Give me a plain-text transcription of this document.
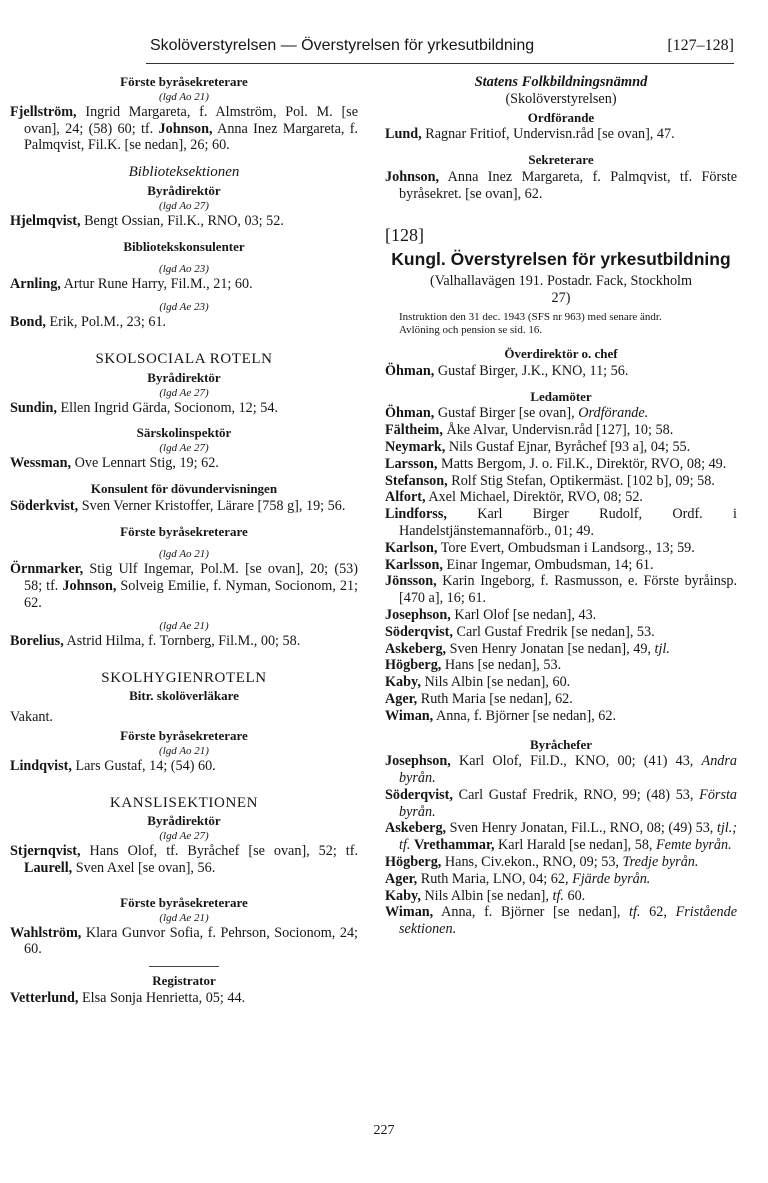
Skolöverstyrelsen — Överstyrelsen för yrkesutbildning	[127–128]
Förste byråsekreterare
(lgd Ao 21)
Fjellström, Ingrid Margareta, f. Almström, Pol. M. [se ovan], 24; (58) 60; tf. Johnson, Anna Inez Margareta, f. Palmqvist, Fil.K. [se nedan], 26; 60.
Biblioteksektionen
Byrådirektör
(lgd Ao 27)
Hjelmqvist, Bengt Ossian, Fil.K., RNO, 03; 52.
Bibliotekskonsulenter
(lgd Ao 23)
Arnling, Artur Rune Harry, Fil.M., 21; 60.
(lgd Ae 23)
Bond, Erik, Pol.M., 23; 61.
SKOLSOCIALA ROTELN
Byrådirektör
(lgd Ae 27)
Sundin, Ellen Ingrid Gärda, Socionom, 12; 54.
Särskolinspektör
(lgd Ae 27)
Wessman, Ove Lennart Stig, 19; 62.
Konsulent för dövundervisningen
Söderkvist, Sven Verner Kristoffer, Lärare [758 g], 19; 56.
Förste byråsekreterare
(lgd Ao 21)
Örnmarker, Stig Ulf Ingemar, Pol.M. [se ovan], 20; (53) 58; tf. Johnson, Solveig Emilie, f. Nyman, Socionom, 21; 62.
(lgd Ae 21)
Borelius, Astrid Hilma, f. Tornberg, Fil.M., 00; 58.
SKOLHYGIENROTELN
Bitr. skolöverläkare
Vakant.
Förste byråsekreterare
(lgd Ao 21)
Lindqvist, Lars Gustaf, 14; (54) 60.
KANSLISEKTIONEN
Byrådirektör
(lgd Ae 27)
Stjernqvist, Hans Olof, tf. Byråchef [se ovan], 52; tf. Laurell, Sven Axel [se ovan], 56.
Förste byråsekreterare
(lgd Ae 21)
Wahlström, Klara Gunvor Sofia, f. Pehrson, Socionom, 24; 60.
Registrator
Vetterlund, Elsa Sonja Henrietta, 05; 44.
Statens Folkbildningsnämnd
(Skolöverstyrelsen)
Ordförande
Lund, Ragnar Fritiof, Undervisn.råd [se ovan], 47.
Sekreterare
Johnson, Anna Inez Margareta, f. Palmqvist, tf. Förste byråsekret. [se ovan], 62.
[128]
Kungl. Överstyrelsen för yrkesutbildning
(Valhallavägen 191. Postadr. Fack, Stockholm 27)
Instruktion den 31 dec. 1943 (SFS nr 963) med senare ändr.
Avlöning och pension se sid. 16.
Överdirektör o. chef
Öhman, Gustaf Birger, J.K., KNO, 11; 56.
Ledamöter
Öhman, Gustaf Birger [se ovan], Ordförande.
Fältheim, Åke Alvar, Undervisn.råd [127], 10; 58.
Neymark, Nils Gustaf Ejnar, Byråchef [93 a], 04; 55.
Larsson, Matts Bergom, J. o. Fil.K., Direktör, RVO, 08; 49.
Stefanson, Rolf Stig Stefan, Optikermäst. [102 b], 09; 58.
Alfort, Axel Michael, Direktör, RVO, 08; 52.
Lindforss, Karl Birger Rudolf, Ordf. i Handelstjänstemannaförb., 01; 49.
Karlson, Tore Evert, Ombudsman i Landsorg., 13; 59.
Karlsson, Einar Ingemar, Ombudsman, 14; 61.
Jönsson, Karin Ingeborg, f. Rasmusson, e. Förste byråinsp. [470 a], 16; 61.
Josephson, Karl Olof [se nedan], 43.
Söderqvist, Carl Gustaf Fredrik [se nedan], 53.
Askeberg, Sven Henry Jonatan [se nedan], 49, tjl.
Högberg, Hans [se nedan], 53.
Kaby, Nils Albin [se nedan], 60.
Ager, Ruth Maria [se nedan], 62.
Wiman, Anna, f. Björner [se nedan], 62.
Byråchefer
Josephson, Karl Olof, Fil.D., KNO, 00; (41) 43, Andra byrån.
Söderqvist, Carl Gustaf Fredrik, RNO, 99; (48) 53, Första byrån.
Askeberg, Sven Henry Jonatan, Fil.L., RNO, 08; (49) 53, tjl.; tf. Vrethammar, Karl Harald [se nedan], 58, Femte byrån.
Högberg, Hans, Civ.ekon., RNO, 09; 53, Tredje byrån.
Ager, Ruth Maria, LNO, 04; 62, Fjärde byrån.
Kaby, Nils Albin [se nedan], tf. 60.
Wiman, Anna, f. Björner [se nedan], tf. 62, Fristående sektionen.
227
